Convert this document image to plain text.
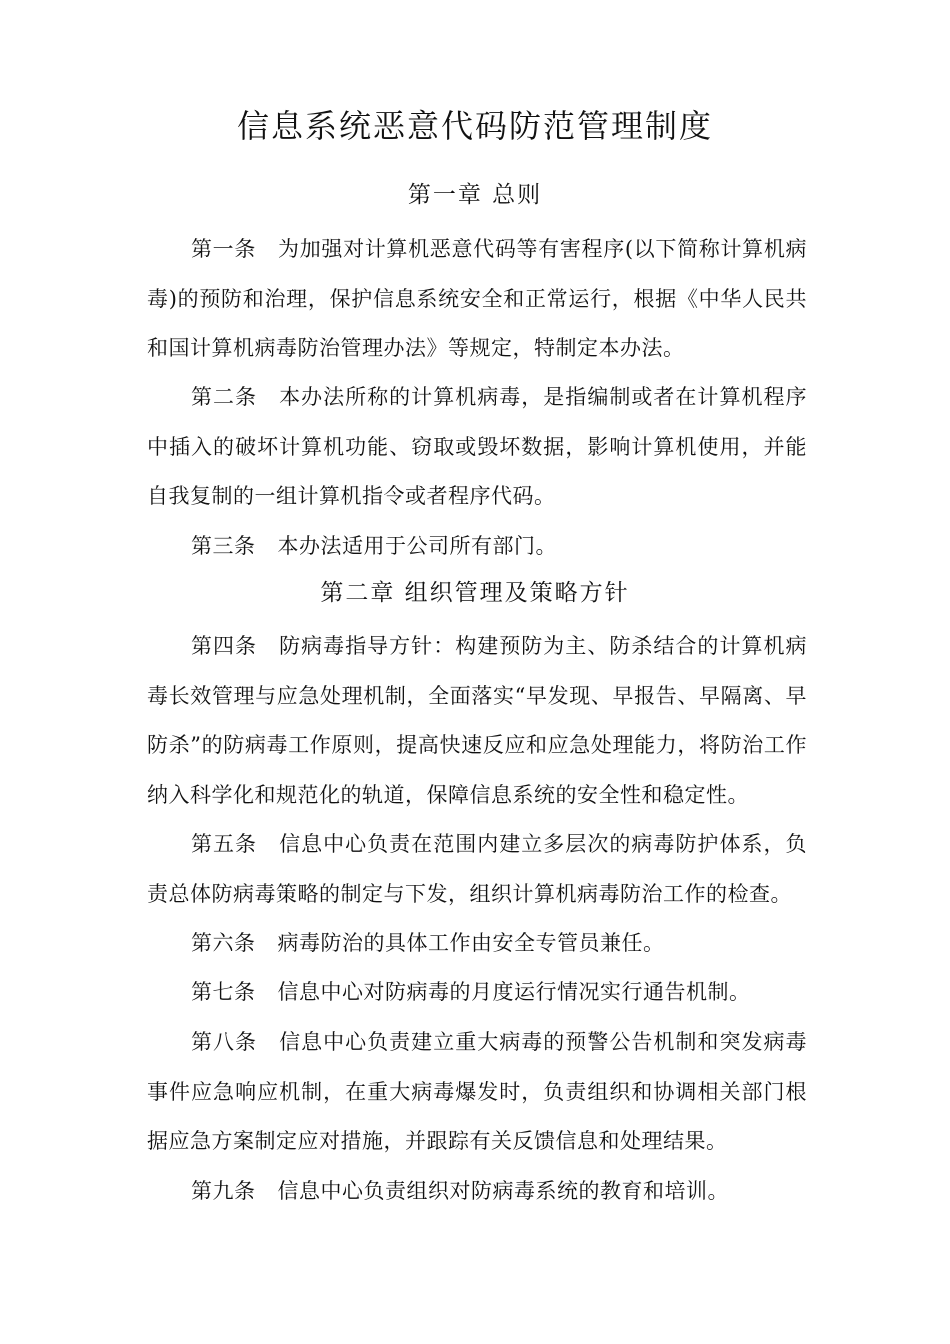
信息系统恶意代码防范管理制度
第一章 总则

第一条 为加强对计算机恶意代码等有害程序(以下简称计算机病毒)的预防和治理，保护信息系统安全和正常运行，根据《中华人民共和国计算机病毒防治管理办法》等规定，特制定本办法。

第二条 本办法所称的计算机病毒，是指编制或者在计算机程序中插入的破坏计算机功能、窃取或毁坏数据，影响计算机使用，并能自我复制的一组计算机指令或者程序代码。

第三条 本办法适用于公司所有部门。

第二章 组织管理及策略方针

第四条 防病毒指导方针：构建预防为主、防杀结合的计算机病毒长效管理与应急处理机制，全面落实“早发现、早报告、早隔离、早防杀”的防病毒工作原则，提高快速反应和应急处理能力，将防治工作纳入科学化和规范化的轨道，保障信息系统的安全性和稳定性。

第五条 信息中心负责在范围内建立多层次的病毒防护体系，负责总体防病毒策略的制定与下发，组织计算机病毒防治工作的检查。

第六条 病毒防治的具体工作由安全专管员兼任。

第七条 信息中心对防病毒的月度运行情况实行通告机制。

第八条 信息中心负责建立重大病毒的预警公告机制和突发病毒事件应急响应机制，在重大病毒爆发时，负责组织和协调相关部门根据应急方案制定应对措施，并跟踪有关反馈信息和处理结果。

第九条 信息中心负责组织对防病毒系统的教育和培训。
